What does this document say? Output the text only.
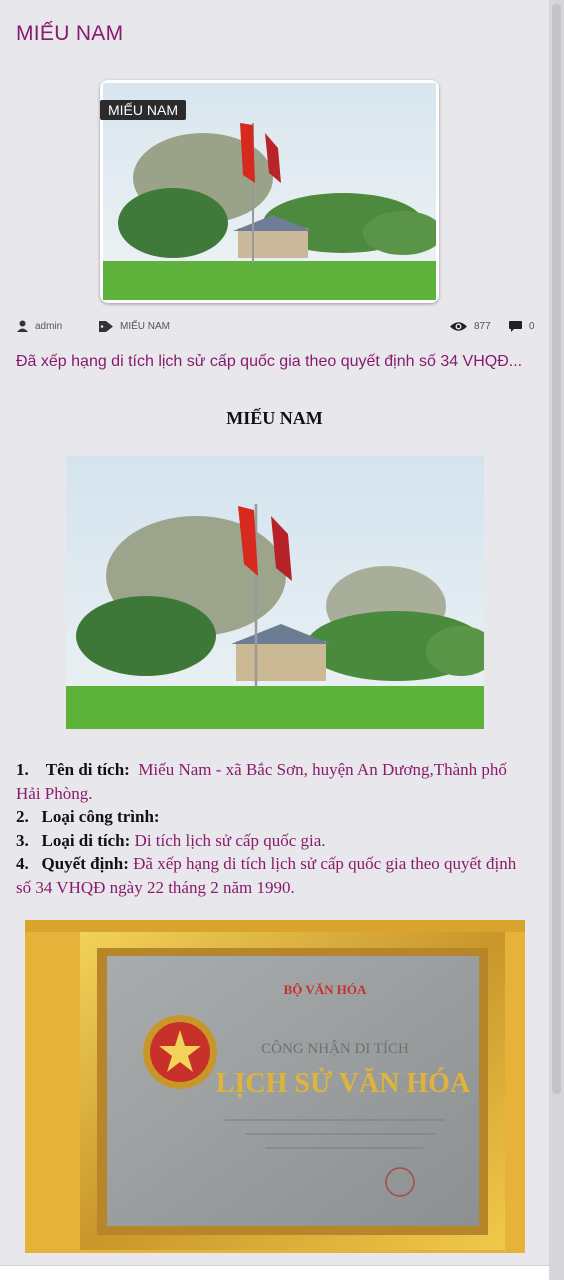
MIẾU NAM
MIẾU NAM
admin	MIẾU NAM	877	0
Đã xếp hạng di tích lịch sử cấp quốc gia theo quyết định số 34 VHQĐ...
MIẾU NAM
1. Tên di tích: Miếu Nam - xã Bắc Sơn, huyện An Dương,Thành phố Hải Phòng.
2. Loại công trình:
3. Loại di tích: Di tích lịch sử cấp quốc gia.
4. Quyết định: Đã xếp hạng di tích lịch sử cấp quốc gia theo quyết định số 34 VHQĐ ngày 22 tháng 2 năm 1990.
BỘ VĂN HÓA
CÔNG NHẬN DI TÍCH
LỊCH SỬ VĂN HÓA
